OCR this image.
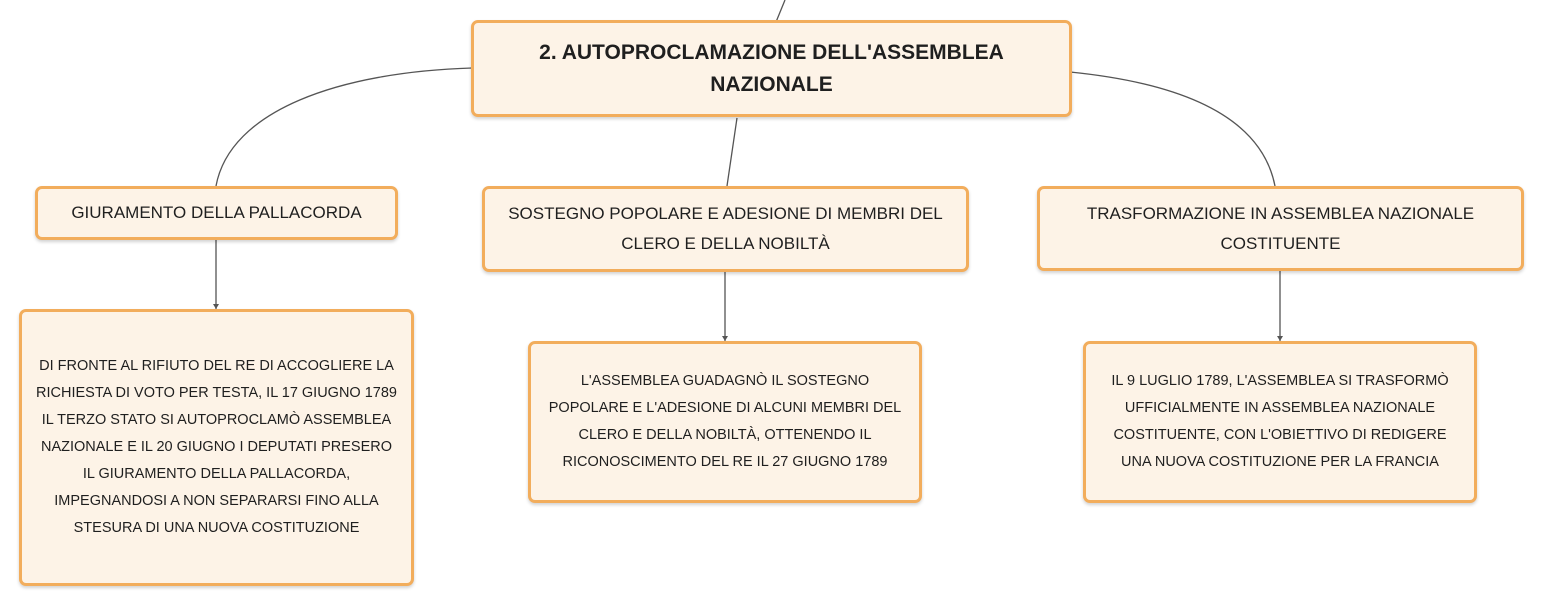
2. AUTOPROCLAMAZIONE DELL'ASSEMBLEA NAZIONALE
GIURAMENTO DELLA PALLACORDA	SOSTEGNO POPOLARE E ADESIONE DI MEMBRI DEL CLERO E DELLA NOBILTÀ
TRASFORMAZIONE IN ASSEMBLEA NAZIONALE COSTITUENTE
DI FRONTE AL RIFIUTO DEL RE DI ACCOGLIERE LA RICHIESTA DI VOTO PER TESTA, IL 17 GIUGNO 1789 IL TERZO STATO SI AUTOPROCLAMÒ ASSEMBLEA NAZIONALE E IL 20 GIUGNO I DEPUTATI PRESERO IL GIURAMENTO DELLA PALLACORDA, IMPEGNANDOSI A NON SEPARARSI FINO ALLA STESURA DI UNA NUOVA COSTITUZIONE
L'ASSEMBLEA GUADAGNÒ IL SOSTEGNO POPOLARE E L'ADESIONE DI ALCUNI MEMBRI DEL CLERO E DELLA NOBILTÀ, OTTENENDO IL RICONOSCIMENTO DEL RE IL 27 GIUGNO 1789
IL 9 LUGLIO 1789, L'ASSEMBLEA SI TRASFORMÒ UFFICIALMENTE IN ASSEMBLEA NAZIONALE COSTITUENTE, CON L'OBIETTIVO DI REDIGERE UNA NUOVA COSTITUZIONE PER LA FRANCIA
